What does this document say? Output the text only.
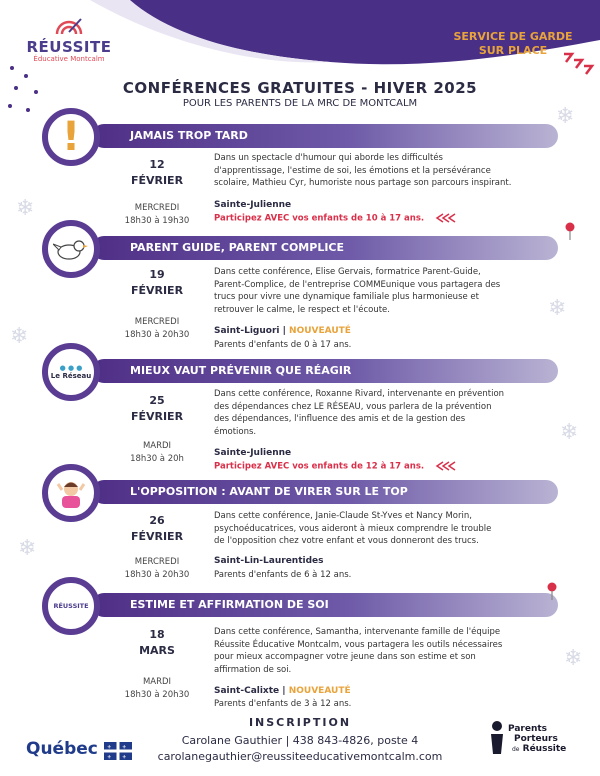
RÉUSSITE
Éducative Montcalm
SERVICE DE GARDE
SUR PLACE
CONFÉRENCES GRATUITES - HIVER 2025
POUR LES PARENTS DE LA MRC DE MONTCALM
❄
❄
❄
❄
❄
❄
❄
JAMAIS TROP TARD
!
12
FÉVRIER
MERCREDI
18h30 à 19h30
Dans un spectacle d'humour qui aborde les difficultés
d'apprentissage, l'estime de soi, les émotions et la persévérance
scolaire, Mathieu Cyr, humoriste nous partage son parcours inspirant.
Sainte-Julienne
Participez AVEC vos enfants de 10 à 17 ans.
PARENT GUIDE, PARENT COMPLICE
19
FÉVRIER
MERCREDI
18h30 à 20h30
Dans cette conférence, Elise Gervais, formatrice Parent-Guide,
Parent-Complice, de l'entreprise COMMEunique vous partagera des
trucs pour vivre une dynamique familiale plus harmonieuse et
retrouver le calme, le respect et l'écoute.
Saint-Liguori | NOUVEAUTÉ
Parents d'enfants de 0 à 17 ans.
MIEUX VAUT PRÉVENIR QUE RÉAGIR
● ● ●
Le Réseau
25
FÉVRIER
MARDI
18h30 à 20h
Dans cette conférence, Roxanne Rivard, intervenante en prévention
des dépendances chez LE RÉSEAU, vous parlera de la prévention
des dépendances, l'influence des amis et de la gestion des
émotions.
Sainte-Julienne
Participez AVEC vos enfants de 12 à 17 ans.
L'OPPOSITION : AVANT DE VIRER SUR LE TOP
26
FÉVRIER
MERCREDI
18h30 à 20h30
Dans cette conférence, Janie-Claude St-Yves et Nancy Morin,
psychoéducatrices, vous aideront à mieux comprendre le trouble
de l'opposition chez votre enfant et vous donneront des trucs.
Saint-Lin-Laurentides
Parents d'enfants de 6 à 12 ans.
ESTIME ET AFFIRMATION DE SOI
RÉUSSITE
18
MARS
MARDI
18h30 à 20h30
Dans cette conférence, Samantha, intervenante famille de l'équipe
Réussite Éducative Montcalm, vous partagera les outils nécessaires
pour mieux accompagner votre jeune dans son estime et son
affirmation de soi.
Saint-Calixte | NOUVEAUTÉ
Parents d'enfants de 3 à 12 ans.
INSCRIPTION
Carolane Gauthier | 438 843-4826, poste 4
carolanegauthier@reussiteeducativemontcalm.com
Québec ⚜ ⚜
⚜ ⚜
Parents
Porteurs
de Réussite
